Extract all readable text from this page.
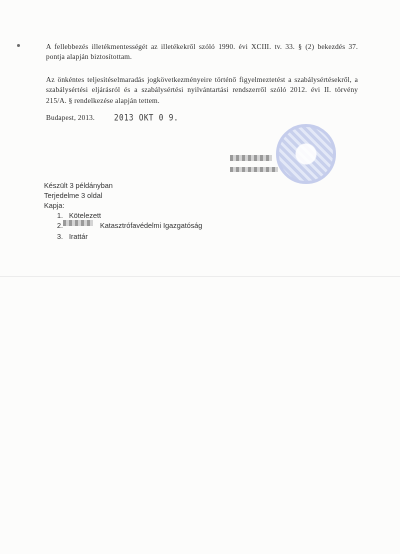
A fellebbezés illetékmentességét az illetékekről szóló 1990. évi XCIII. tv. 33. § (2) bekezdés 37. pontja alapján biztosítottam.

Az önkéntes teljesítéselmaradás jogkövetkezményeire történő figyelmeztetést a szabálysértésekről, a szabálysértési eljárásról és a szabálysértési nyilvántartási rendszerről szóló 2012. évi II. törvény 215/A. § rendelkezése alapján tettem.

Budapest, 2013.	2013 OKT 0 9.
Készült 3 példányban
Terjedelme 3 oldal
Kapja:
1. Kötelezett
2.	Katasztrófavédelmi Igazgatóság
3. Irattár
